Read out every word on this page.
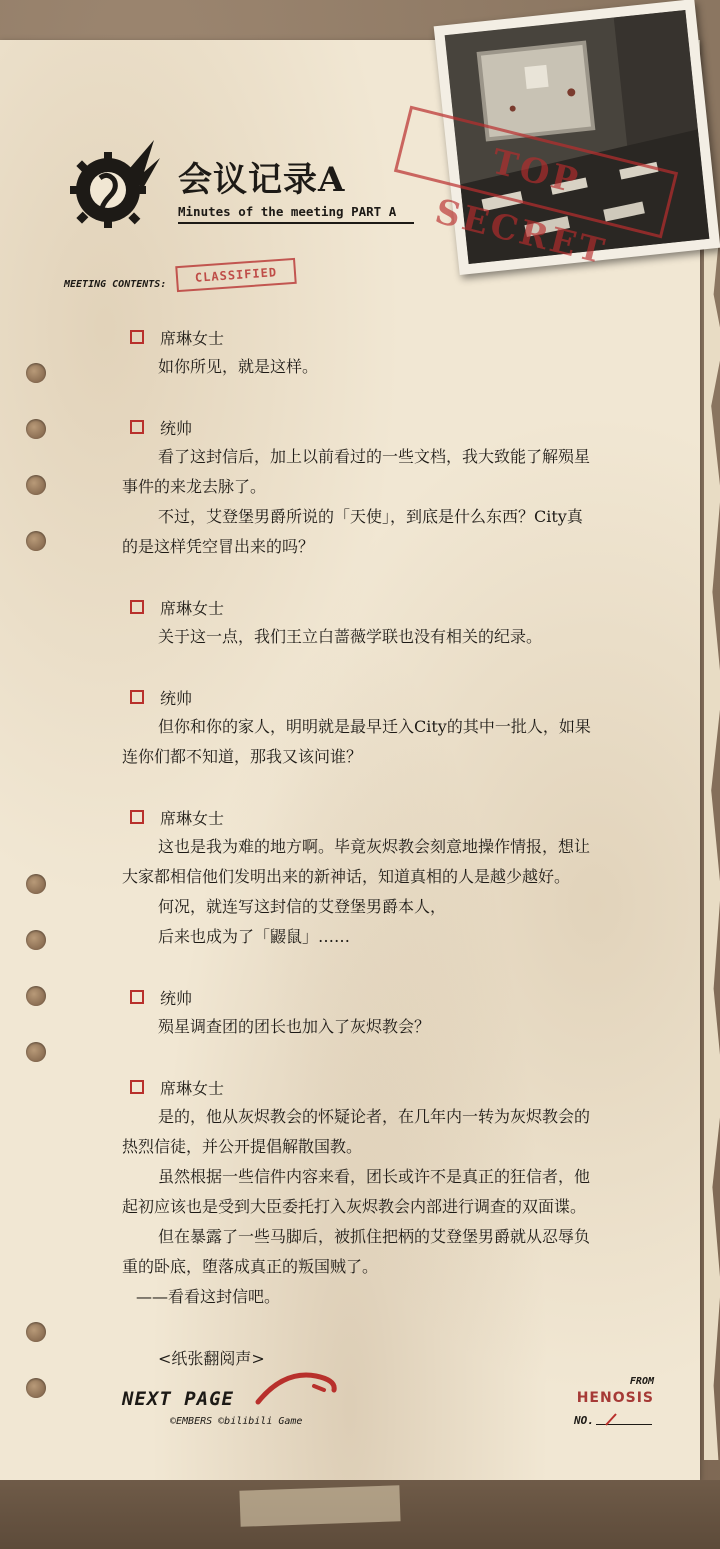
会议记录A
Minutes of the meeting PART A
MEETING CONTENTS:	CLASSIFIED
TOP SECRET
席琳女士
如你所见，就是这样。
统帅
看了这封信后，加上以前看过的一些文档，我大致能了解殒星
事件的来龙去脉了。
不过，艾登堡男爵所说的「天使」，到底是什么东西？City真
的是这样凭空冒出来的吗？
席琳女士
关于这一点，我们王立白蔷薇学联也没有相关的纪录。
统帅
但你和你的家人，明明就是最早迁入City的其中一批人，如果
连你们都不知道，那我又该问谁？
席琳女士
这也是我为难的地方啊。毕竟灰烬教会刻意地操作情报，想让
大家都相信他们发明出来的新神话，知道真相的人是越少越好。
何况，就连写这封信的艾登堡男爵本人，
后来也成为了「鼹鼠」……
统帅
殒星调查团的团长也加入了灰烬教会？
席琳女士
是的，他从灰烬教会的怀疑论者，在几年内一转为灰烬教会的
热烈信徒，并公开提倡解散国教。
虽然根据一些信件内容来看，团长或许不是真正的狂信者，他
起初应该也是受到大臣委托打入灰烬教会内部进行调查的双面谍。
但在暴露了一些马脚后，被抓住把柄的艾登堡男爵就从忍辱负
重的卧底，堕落成真正的叛国贼了。
——看看这封信吧。
<纸张翻阅声>
NEXT PAGE
©EMBERS ©bilibili Game
FROM
HENOSIS
NO.
